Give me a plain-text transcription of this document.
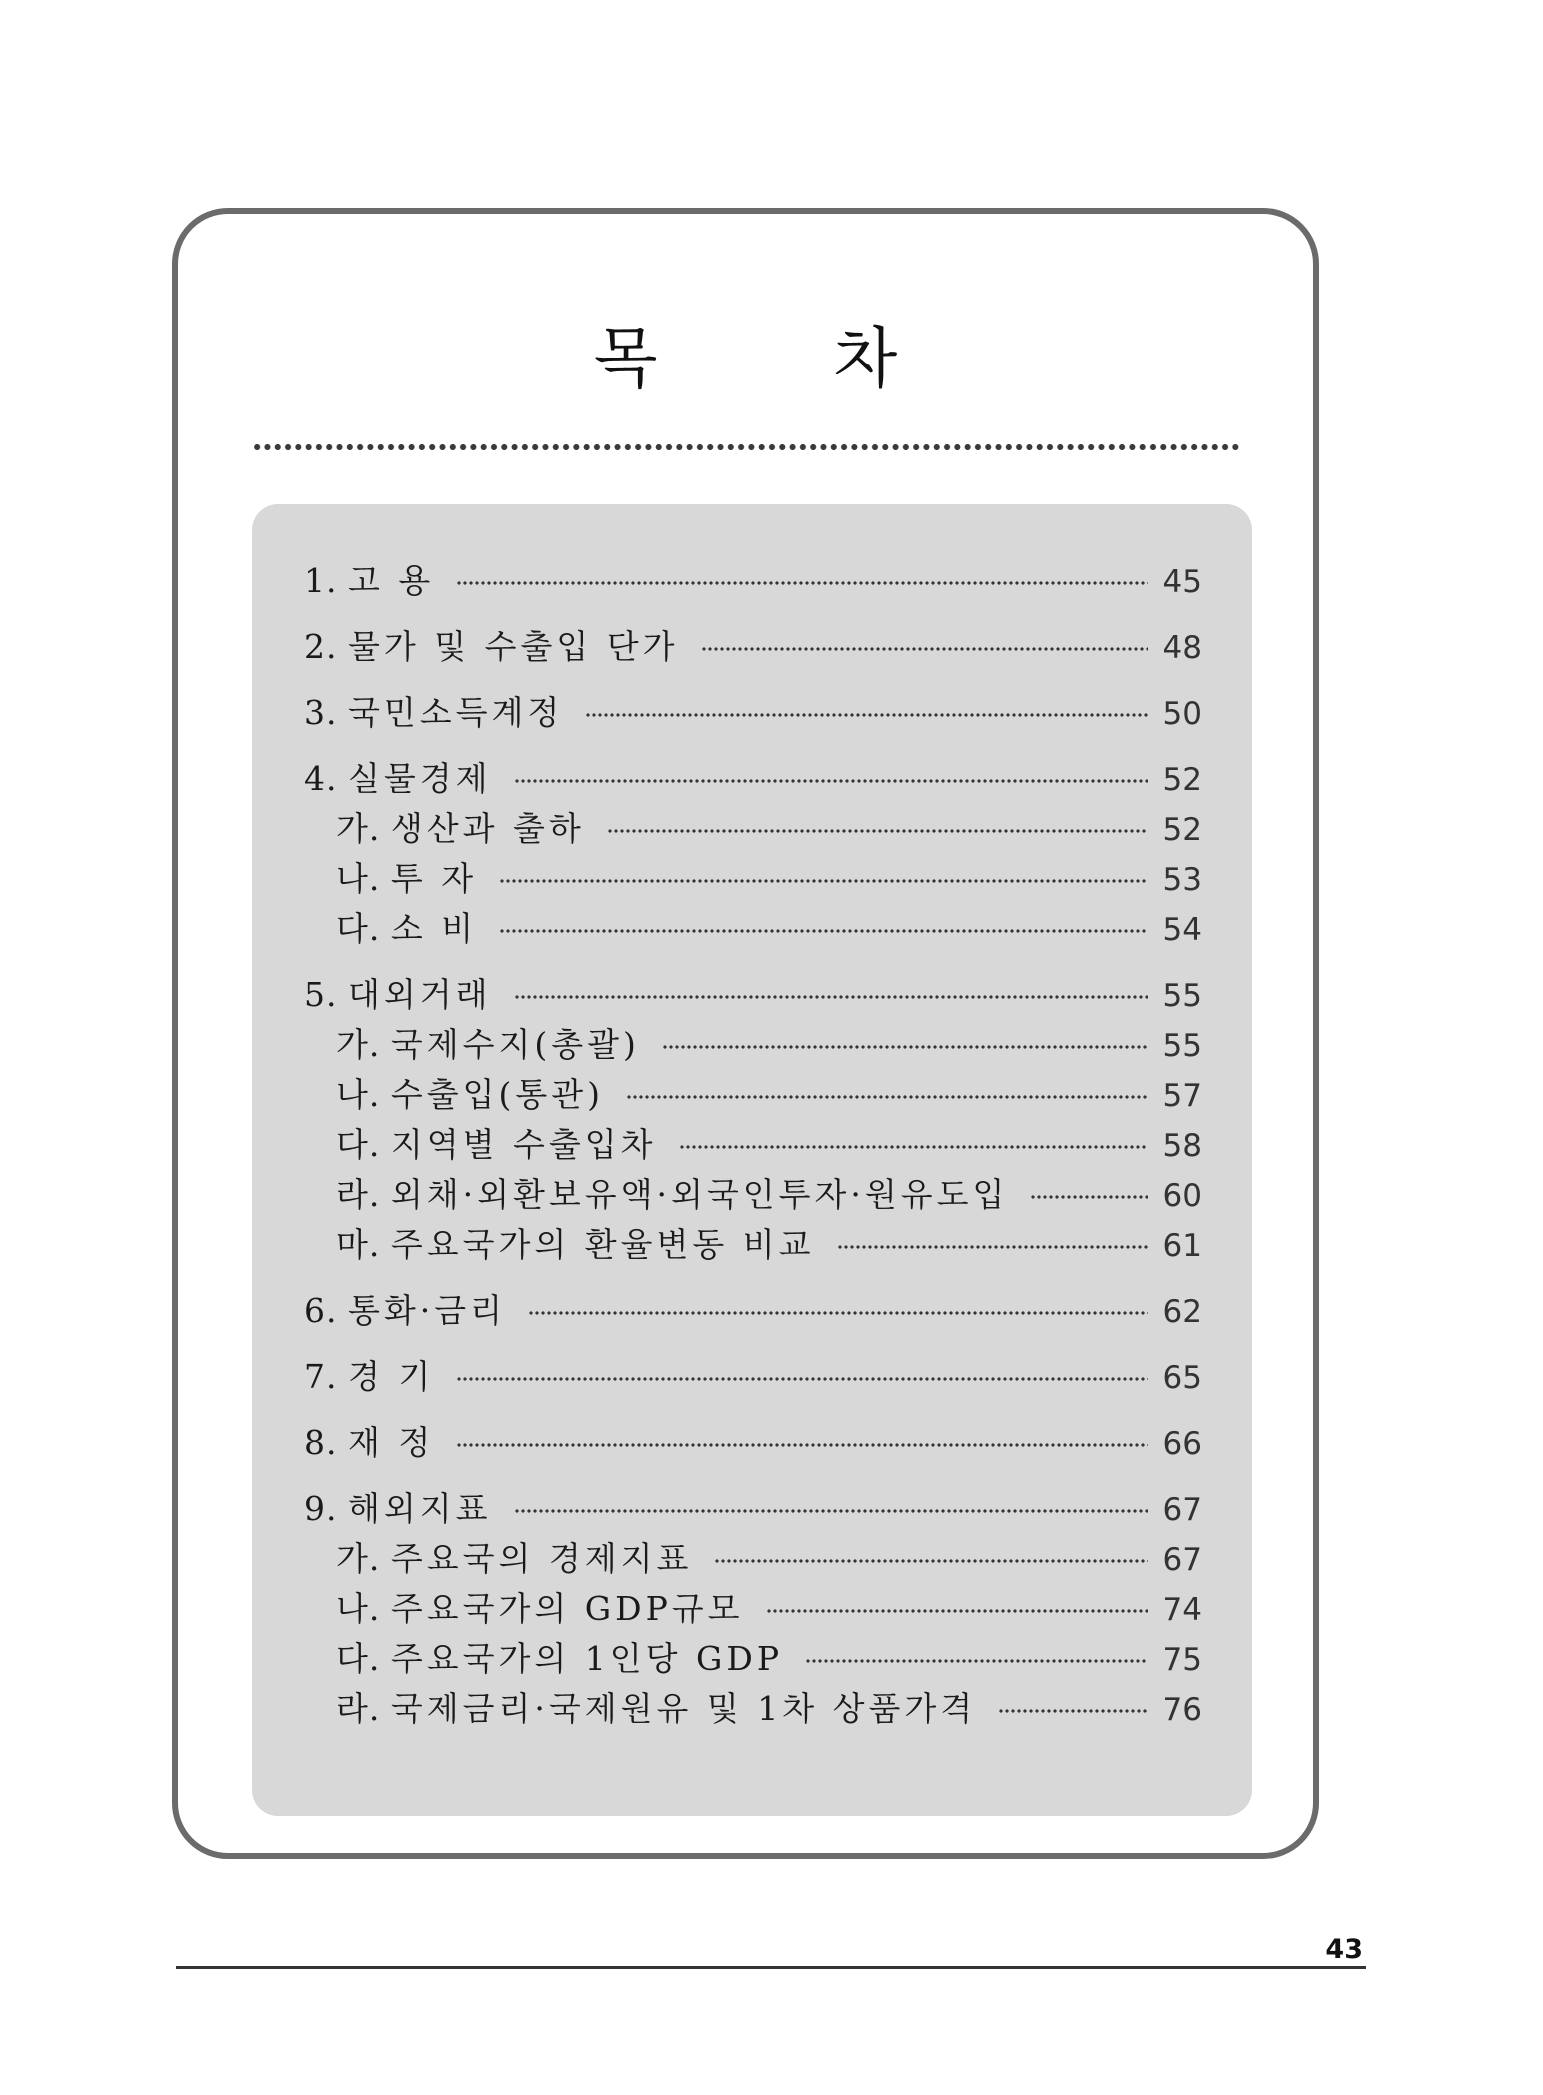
목	차
1.
고 용	45
2.
물가 및 수출입 단가	48
3.
국민소득계정	50
4.
실물경제	52
가.
생산과 출하	52
나.
투 자	53
다.
소 비	54
5.
대외거래	55
가.
국제수지(총괄)	55
나.
수출입(통관)	57
다.
지역별 수출입차	58
라.
외채·외환보유액·외국인투자·원유도입	60
마.
주요국가의 환율변동 비교	61
6.
통화·금리	62
7.
경 기	65
8.
재 정	66
9.
해외지표	67
가.
주요국의 경제지표	67
나.
주요국가의 GDP규모	74
다.
주요국가의 1인당 GDP	75
라.
국제금리·국제원유 및 1차 상품가격	76
43
